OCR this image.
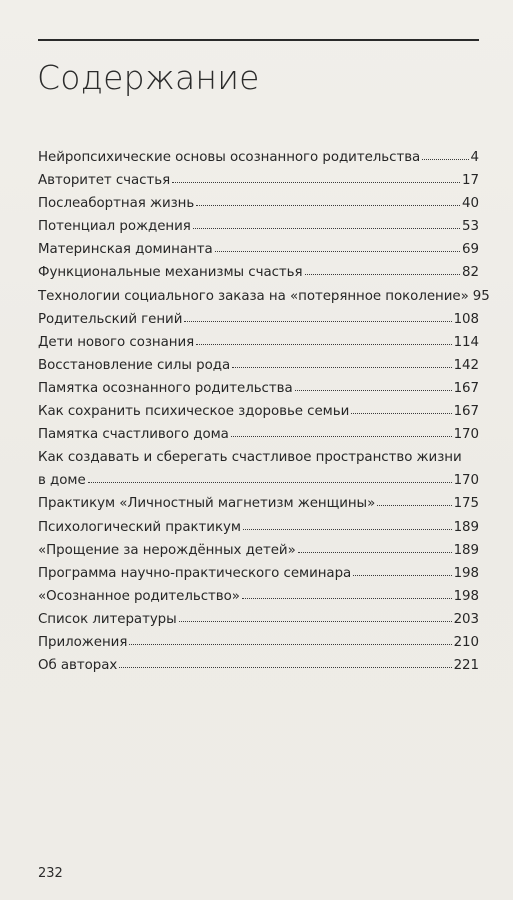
Содержание
Нейропсихические основы осознанного родительства	4
Авторитет счастья	17
Послеабортная жизнь	40
Потенциал рождения	53
Материнская доминанта	69
Функциональные механизмы счастья	82
Технологии социального заказа на «потерянное поколение» 95
Родительский гений	108
Дети нового сознания	114
Восстановление силы рода	142
Памятка осознанного родительства	167
Как сохранить психическое здоровье семьи	167
Памятка счастливого дома	170
Как создавать и сберегать счастливое пространство жизни
в доме	170
Практикум «Личностный магнетизм женщины»	175
Психологический практикум	189
«Прощение за нерождённых детей»	189
Программа научно-практического семинара	198
«Осознанное родительство»	198
Список литературы	203
Приложения	210
Об авторах	221
232
